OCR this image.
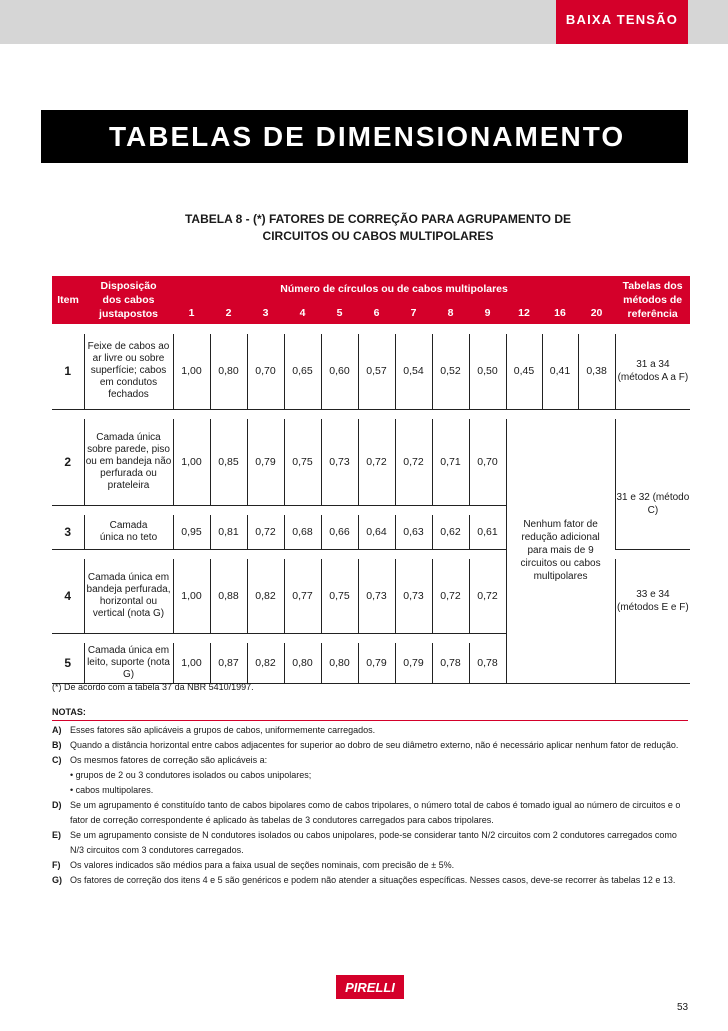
BAIXA TENSÃO
TABELAS DE DIMENSIONAMENTO
TABELA 8 - (*) FATORES DE CORREÇÃO PARA AGRUPAMENTO DE
CIRCUITOS OU CABOS MULTIPOLARES
Item	Disposição dos cabos justapostos	Número de círculos ou de cabos multipolares												Tabelas dos métodos de referência
		1	2	3	4	5	6	7	8	9	12	16	20	

1	Feixe de cabos ao ar livre ou sobre superfície; cabos em condutos fechados	1,00	0,80	0,70	0,65	0,60	0,57	0,54	0,52	0,50	0,45	0,41	0,38	31 a 34 (métodos A a F)

2	Camada única sobre parede, piso ou em bandeja não perfurada ou prateleira	1,00	0,85	0,79	0,75	0,73	0,72	0,72	0,71	0,70	Nenhum fator de redução adicional para mais de 9 circuitos ou cabos multipolares			31 e 32 (método C)

3	Camada única no teto	0,95	0,81	0,72	0,68	0,66	0,64	0,63	0,62	0,61				

4	Camada única em bandeja perfurada, horizontal ou vertical (nota G)	1,00	0,88	0,82	0,77	0,75	0,73	0,73	0,72	0,72				33 e 34 (métodos E e F)

5	Camada única em leito, suporte (nota G)	1,00	0,87	0,82	0,80	0,80	0,79	0,79	0,78	0,78				
(*) De acordo com a tabela 37 da NBR 5410/1997.
NOTAS:
A) Esses fatores são aplicáveis a grupos de cabos, uniformemente carregados.
B) Quando a distância horizontal entre cabos adjacentes for superior ao dobro de seu diâmetro externo, não é necessário aplicar nenhum fator de redução.
C) Os mesmos fatores de correção são aplicáveis a:
• grupos de 2 ou 3 condutores isolados ou cabos unipolares;
• cabos multipolares.
D) Se um agrupamento é constituído tanto de cabos bipolares como de cabos tripolares, o número total de cabos é tomado igual ao número de circuitos e o fator de correção correspondente é aplicado às tabelas de 3 condutores carregados para cabos tripolares.
E)	Se um agrupamento consiste de N condutores isolados ou cabos unipolares, pode-se considerar tanto N/2 circuitos com 2 condutores carregados como N/3 circuitos com 3 condutores carregados.
F)	Os valores indicados são médios para a faixa usual de seções nominais, com precisão de ± 5%.
G) Os fatores de correção dos itens 4 e 5 são genéricos e podem não atender a situações específicas. Nesses casos, deve-se recorrer às tabelas 12 e 13.
PIRELLI
53
